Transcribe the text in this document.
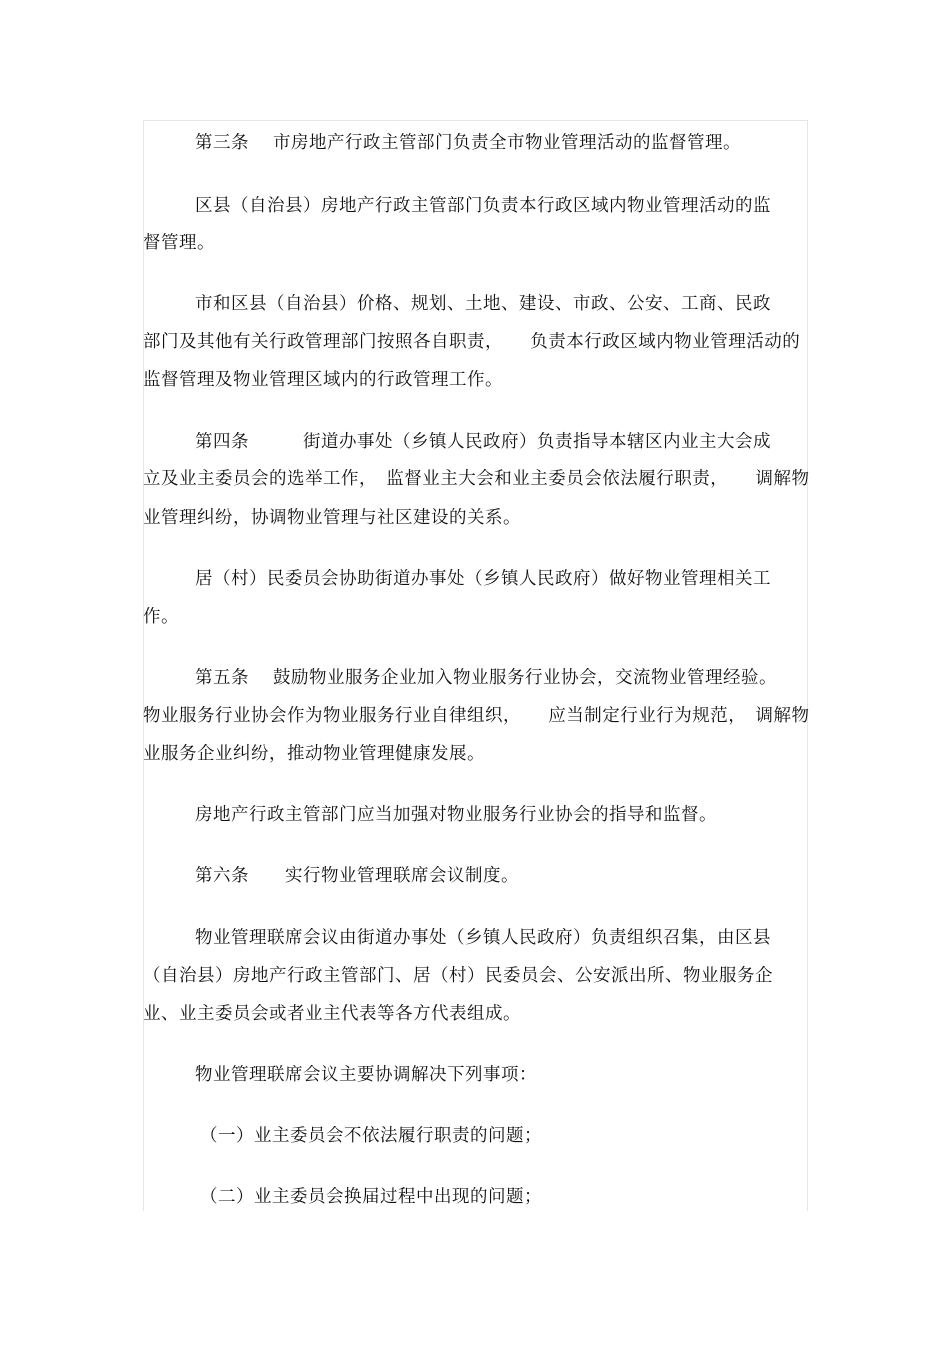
第三条　 市房地产行政主管部门负责全市物业管理活动的监督管理。
区县（自治县）房地产行政主管部门负责本行政区域内物业管理活动的监
督管理。
市和区县（自治县）价格、规划、土地、建设、市政、公安、工商、民政
部门及其他有关行政管理部门按照各自职责，　　负责本行政区域内物业管理活动的
监督管理及物业管理区域内的行政管理工作。
第四条　　　街道办事处（乡镇人民政府）负责指导本辖区内业主大会成
立及业主委员会的选举工作，　监督业主大会和业主委员会依法履行职责，　　调解物
业管理纠纷，协调物业管理与社区建设的关系。
居（村）民委员会协助街道办事处（乡镇人民政府）做好物业管理相关工
作。
第五条　 鼓励物业服务企业加入物业服务行业协会，交流物业管理经验。
物业服务行业协会作为物业服务行业自律组织，　　应当制定行业行为规范，　调解物
业服务企业纠纷，推动物业管理健康发展。
房地产行政主管部门应当加强对物业服务行业协会的指导和监督。
第六条　　实行物业管理联席会议制度。
物业管理联席会议由街道办事处（乡镇人民政府）负责组织召集，由区县
（自治县）房地产行政主管部门、居（村）民委员会、公安派出所、物业服务企
业、业主委员会或者业主代表等各方代表组成。
物业管理联席会议主要协调解决下列事项：
（一）业主委员会不依法履行职责的问题；
（二）业主委员会换届过程中出现的问题；
